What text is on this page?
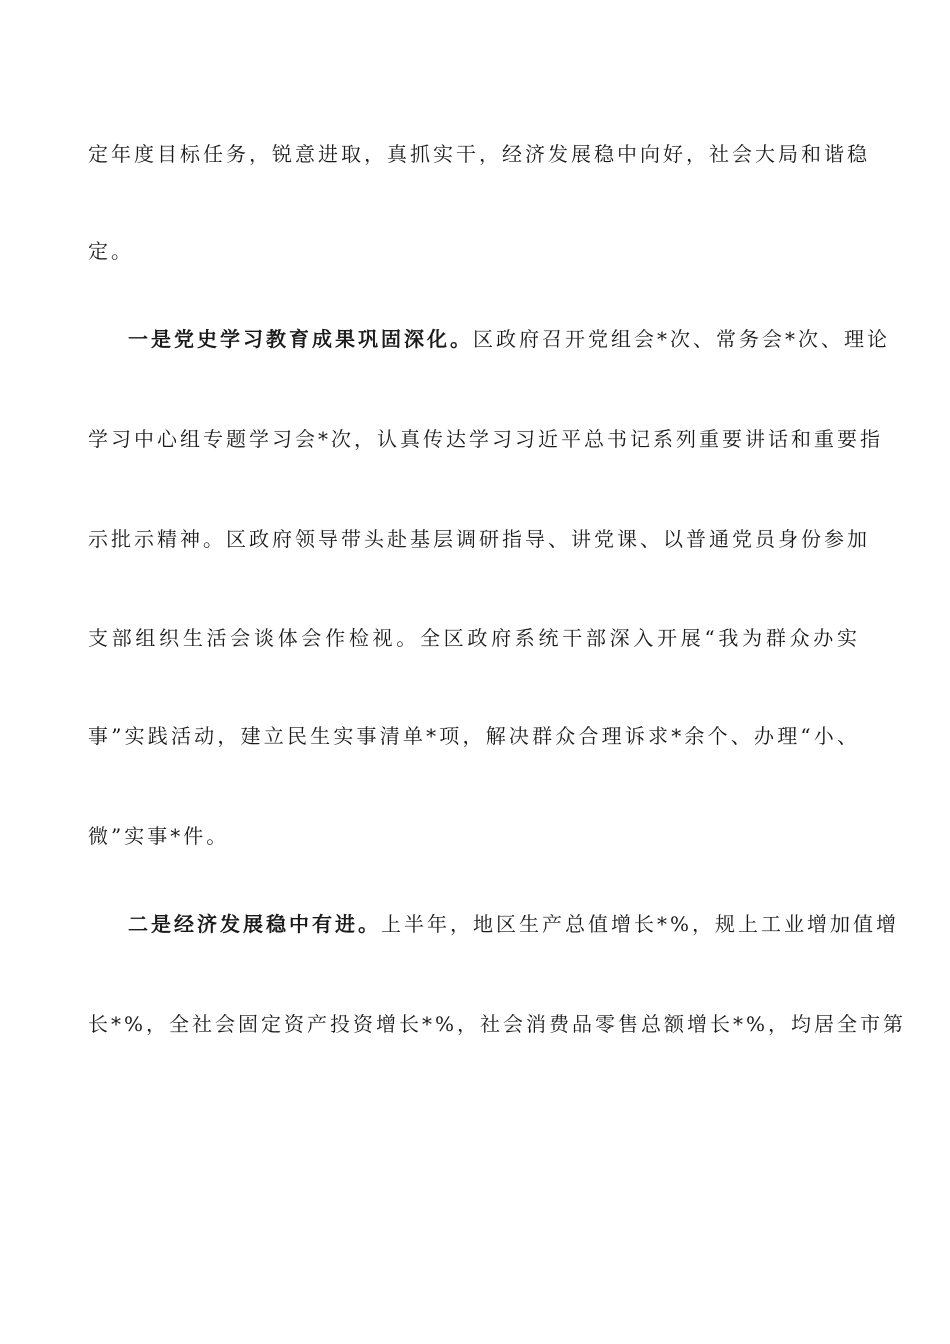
定年度目标任务，锐意进取，真抓实干，经济发展稳中向好，社会大局和谐稳
定。
一是党史学习教育成果巩固深化。区政府召开党组会*次、常务会*次、理论
学习中心组专题学习会*次，认真传达学习习近平总书记系列重要讲话和重要指
示批示精神。区政府领导带头赴基层调研指导、讲党课、以普通党员身份参加
支部组织生活会谈体会作检视。全区政府系统干部深入开展“我为群众办实
事”实践活动，建立民生实事清单*项，解决群众合理诉求*余个、办理“小、
微”实事*件。
二是经济发展稳中有进。上半年，地区生产总值增长*%，规上工业增加值增
长*%，全社会固定资产投资增长*%，社会消费品零售总额增长*%，均居全市第
